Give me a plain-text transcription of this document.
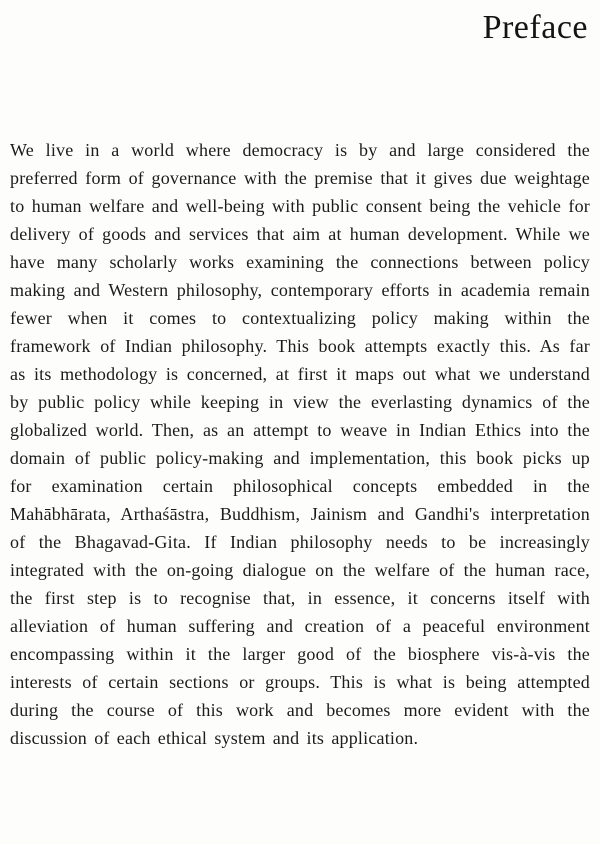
Preface

We live in a world where democracy is by and large considered the preferred form of governance with the premise that it gives due weightage to human welfare and well-being with public consent being the vehicle for delivery of goods and services that aim at human development. While we have many scholarly works examining the connections between policy making and Western philosophy, contemporary efforts in academia remain fewer when it comes to contextualizing policy making within the framework of Indian philosophy. This book attempts exactly this. As far as its methodology is concerned, at first it maps out what we understand by public policy while keeping in view the everlasting dynamics of the globalized world. Then, as an attempt to weave in Indian Ethics into the domain of public policy-making and implementation, this book picks up for examination certain philosophical concepts embedded in the Mahābhārata, Arthaśāstra, Buddhism, Jainism and Gandhi's interpretation of the Bhagavad-Gita. If Indian philosophy needs to be increasingly integrated with the on-going dialogue on the welfare of the human race, the first step is to recognise that, in essence, it concerns itself with alleviation of human suffering and creation of a peaceful environment encompassing within it the larger good of the biosphere vis-à-vis the interests of certain sections or groups. This is what is being attempted during the course of this work and becomes more evident with the discussion of each ethical system and its application.
